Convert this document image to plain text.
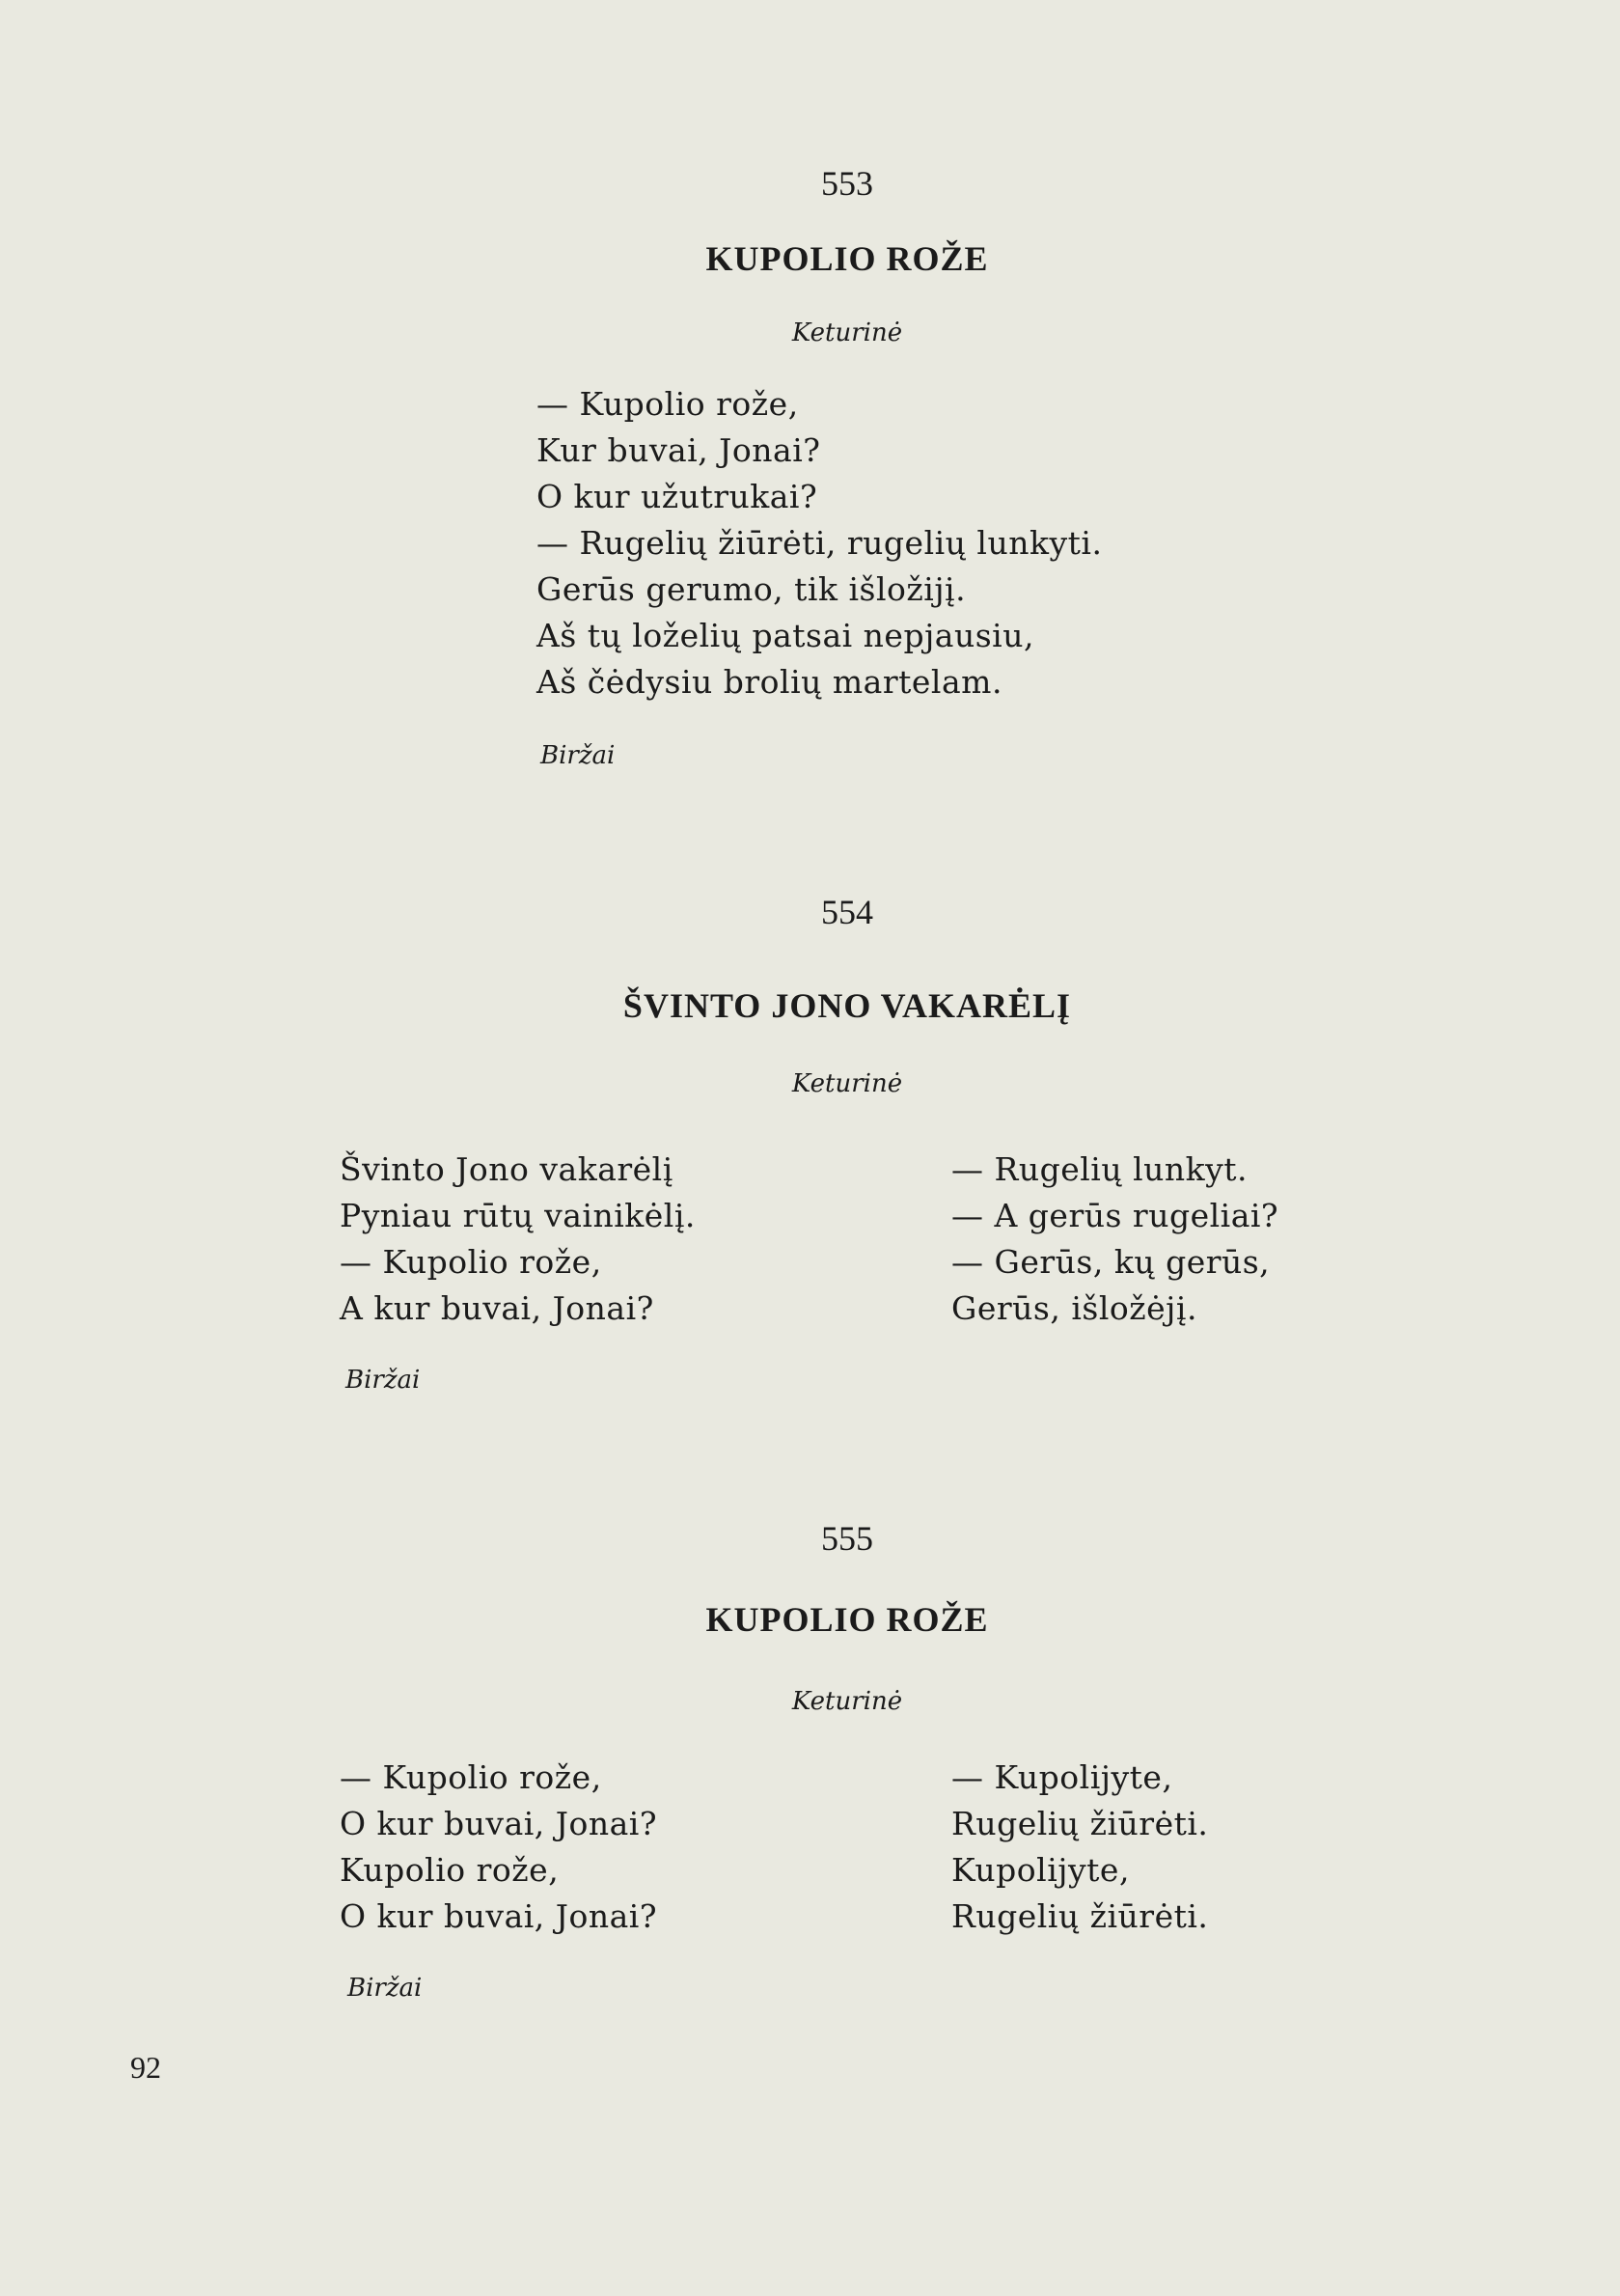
553
KUPOLIO ROŽE
Keturinė
— Kupolio rože,
Kur buvai, Jonai?
O kur užutrukai?
— Rugelių žiūrėti, rugelių lunkyti.
Gerūs gerumo, tik išložijį.
Aš tų loželių patsai nepjausiu,
Aš čėdysiu brolių martelam.
Biržai
554
ŠVINTO JONO VAKARĖLĮ
Keturinė
Švinto Jono vakarėlį
Pyniau rūtų vainikėlį.
— Kupolio rože,
A kur buvai, Jonai?
— Rugelių lunkyt.
— A gerūs rugeliai?
— Gerūs, kų gerūs,
Gerūs, išložėjį.
Biržai
555
KUPOLIO ROŽE
Keturinė
— Kupolio rože,
O kur buvai, Jonai?
Kupolio rože,
O kur buvai, Jonai?
— Kupolijyte,
Rugelių žiūrėti.
Kupolijyte,
Rugelių žiūrėti.
Biržai
92
